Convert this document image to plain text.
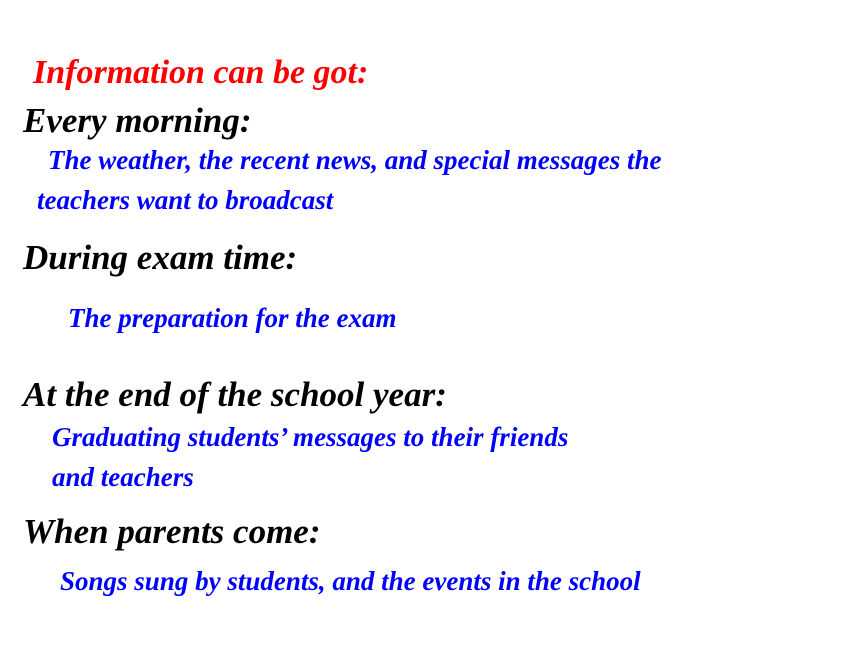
Information can be got:

Every morning:

The weather, the recent news, and special messages the

teachers want to broadcast

During exam time:

The preparation for the exam

At the end of the school year:

Graduating students’ messages to their friends

and teachers

When parents come:

Songs sung by students, and the events in the school
